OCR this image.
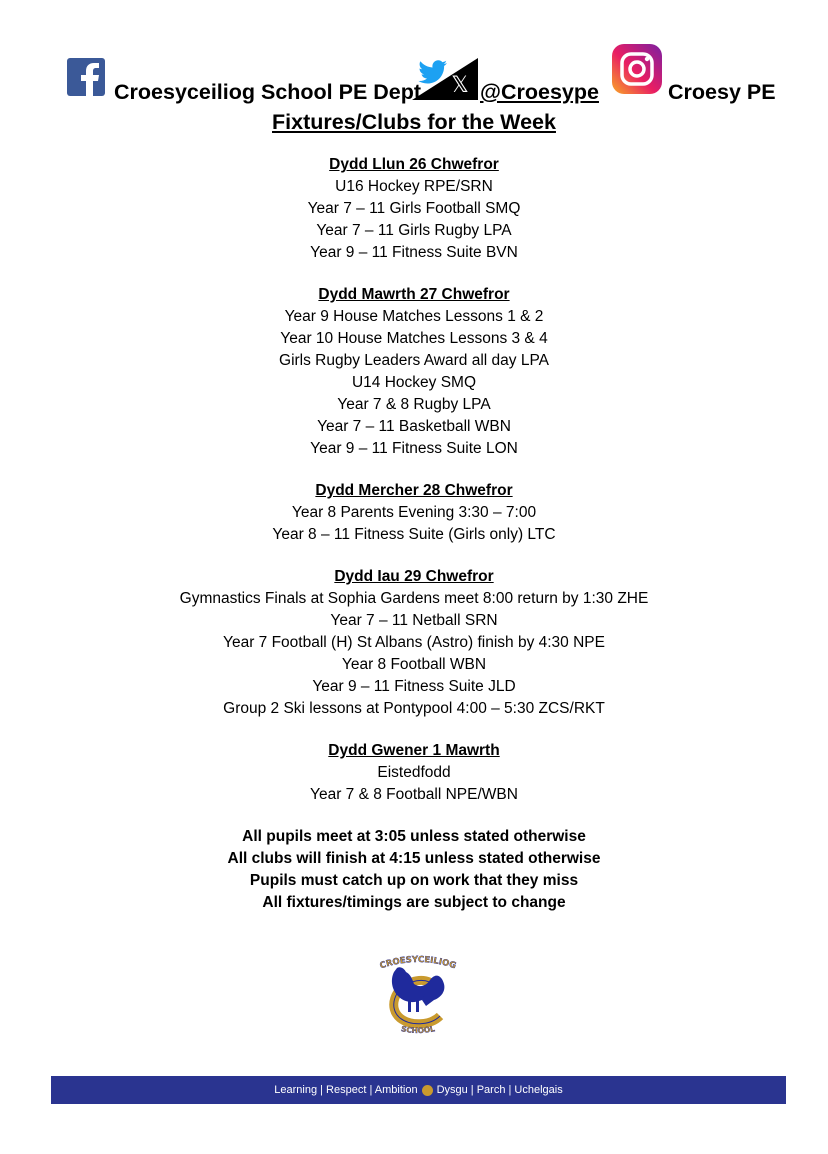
Croesyceiliog School PE Dept 𝕏 @Croesype	Croesy PE
Fixtures/Clubs for the Week
Dydd Llun 26 Chwefror
U16 Hockey RPE/SRN
Year 7 – 11 Girls Football SMQ
Year 7 – 11 Girls Rugby LPA
Year 9 – 11 Fitness Suite BVN
Dydd Mawrth 27 Chwefror
Year 9 House Matches Lessons 1 & 2
Year 10 House Matches Lessons 3 & 4
Girls Rugby Leaders Award all day LPA
U14 Hockey SMQ
Year 7 & 8 Rugby LPA
Year 7 – 11 Basketball WBN
Year 9 – 11 Fitness Suite LON
Dydd Mercher 28 Chwefror
Year 8 Parents Evening 3:30 – 7:00
Year 8 – 11 Fitness Suite (Girls only) LTC
Dydd Iau 29 Chwefror
Gymnastics Finals at Sophia Gardens meet 8:00 return by 1:30 ZHE
Year 7 – 11 Netball SRN
Year 7 Football (H) St Albans (Astro) finish by 4:30 NPE
Year 8 Football WBN
Year 9 – 11 Fitness Suite JLD
Group 2 Ski lessons at Pontypool 4:00 – 5:30 ZCS/RKT
Dydd Gwener 1 Mawrth
Eistedfodd
Year 7 & 8 Football NPE/WBN
All pupils meet at 3:05 unless stated otherwise
All clubs will finish at 4:15 unless stated otherwise
Pupils must catch up on work that they miss
All fixtures/timings are subject to change
CROESYCEILIOG
SCHOOL
Learning | Respect | Ambition Dysgu | Parch | Uchelgais
